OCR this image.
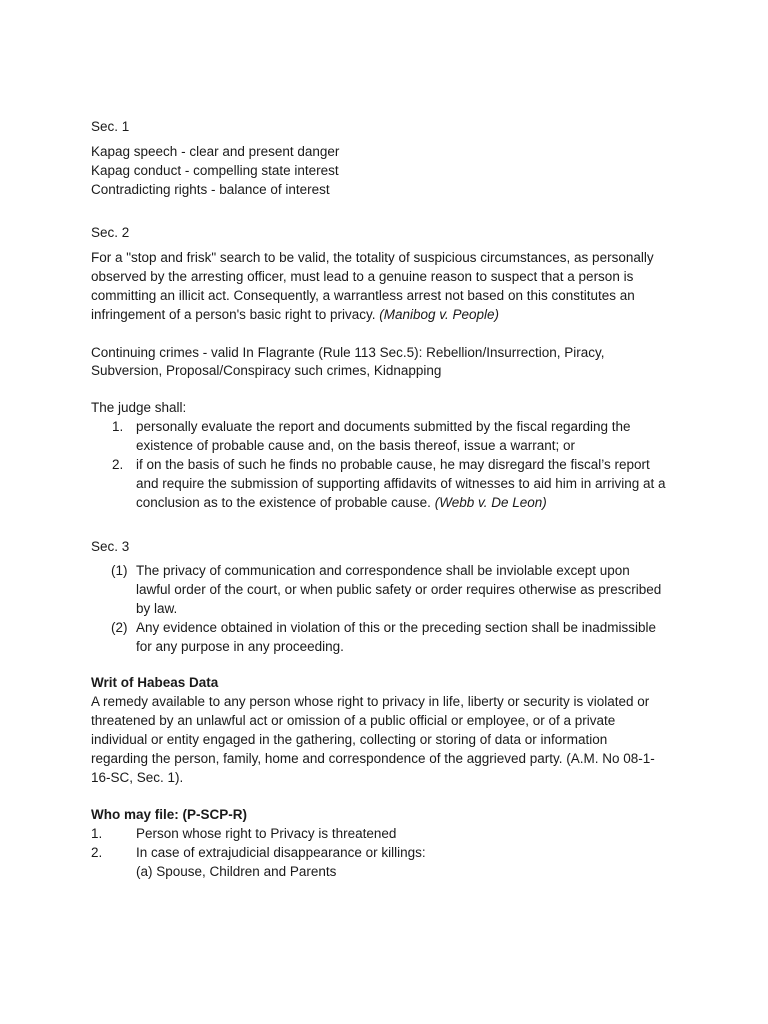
Sec. 1
Kapag speech - clear and present danger
Kapag conduct - compelling state interest
Contradicting rights - balance of interest
Sec. 2
For a "stop and frisk" search to be valid, the totality of suspicious circumstances, as personally
observed by the arresting officer, must lead to a genuine reason to suspect that a person is
committing an illicit act. Consequently, a warrantless arrest not based on this constitutes an
infringement of a person's basic right to privacy. (Manibog v. People)
Continuing crimes - valid In Flagrante (Rule 113 Sec.5): Rebellion/Insurrection, Piracy,
Subversion, Proposal/Conspiracy such crimes, Kidnapping
The judge shall:
1. personally evaluate the report and documents submitted by the fiscal regarding the
existence of probable cause and, on the basis thereof, issue a warrant; or
2. if on the basis of such he finds no probable cause, he may disregard the fiscal’s report
and require the submission of supporting affidavits of witnesses to aid him in arriving at a
conclusion as to the existence of probable cause. (Webb v. De Leon)
Sec. 3
(1) The privacy of communication and correspondence shall be inviolable except upon
lawful order of the court, or when public safety or order requires otherwise as prescribed
by law.
(2) Any evidence obtained in violation of this or the preceding section shall be inadmissible
for any purpose in any proceeding.
Writ of Habeas Data
A remedy available to any person whose right to privacy in life, liberty or security is violated or
threatened by an unlawful act or omission of a public official or employee, or of a private
individual or entity engaged in the gathering, collecting or storing of data or information
regarding the person, family, home and correspondence of the aggrieved party. (A.M. No 08-1-
16-SC, Sec. 1).
Who may file: (P-SCP-R)
1. Person whose right to Privacy is threatened
2. In case of extrajudicial disappearance or killings:
(a) Spouse, Children and Parents
